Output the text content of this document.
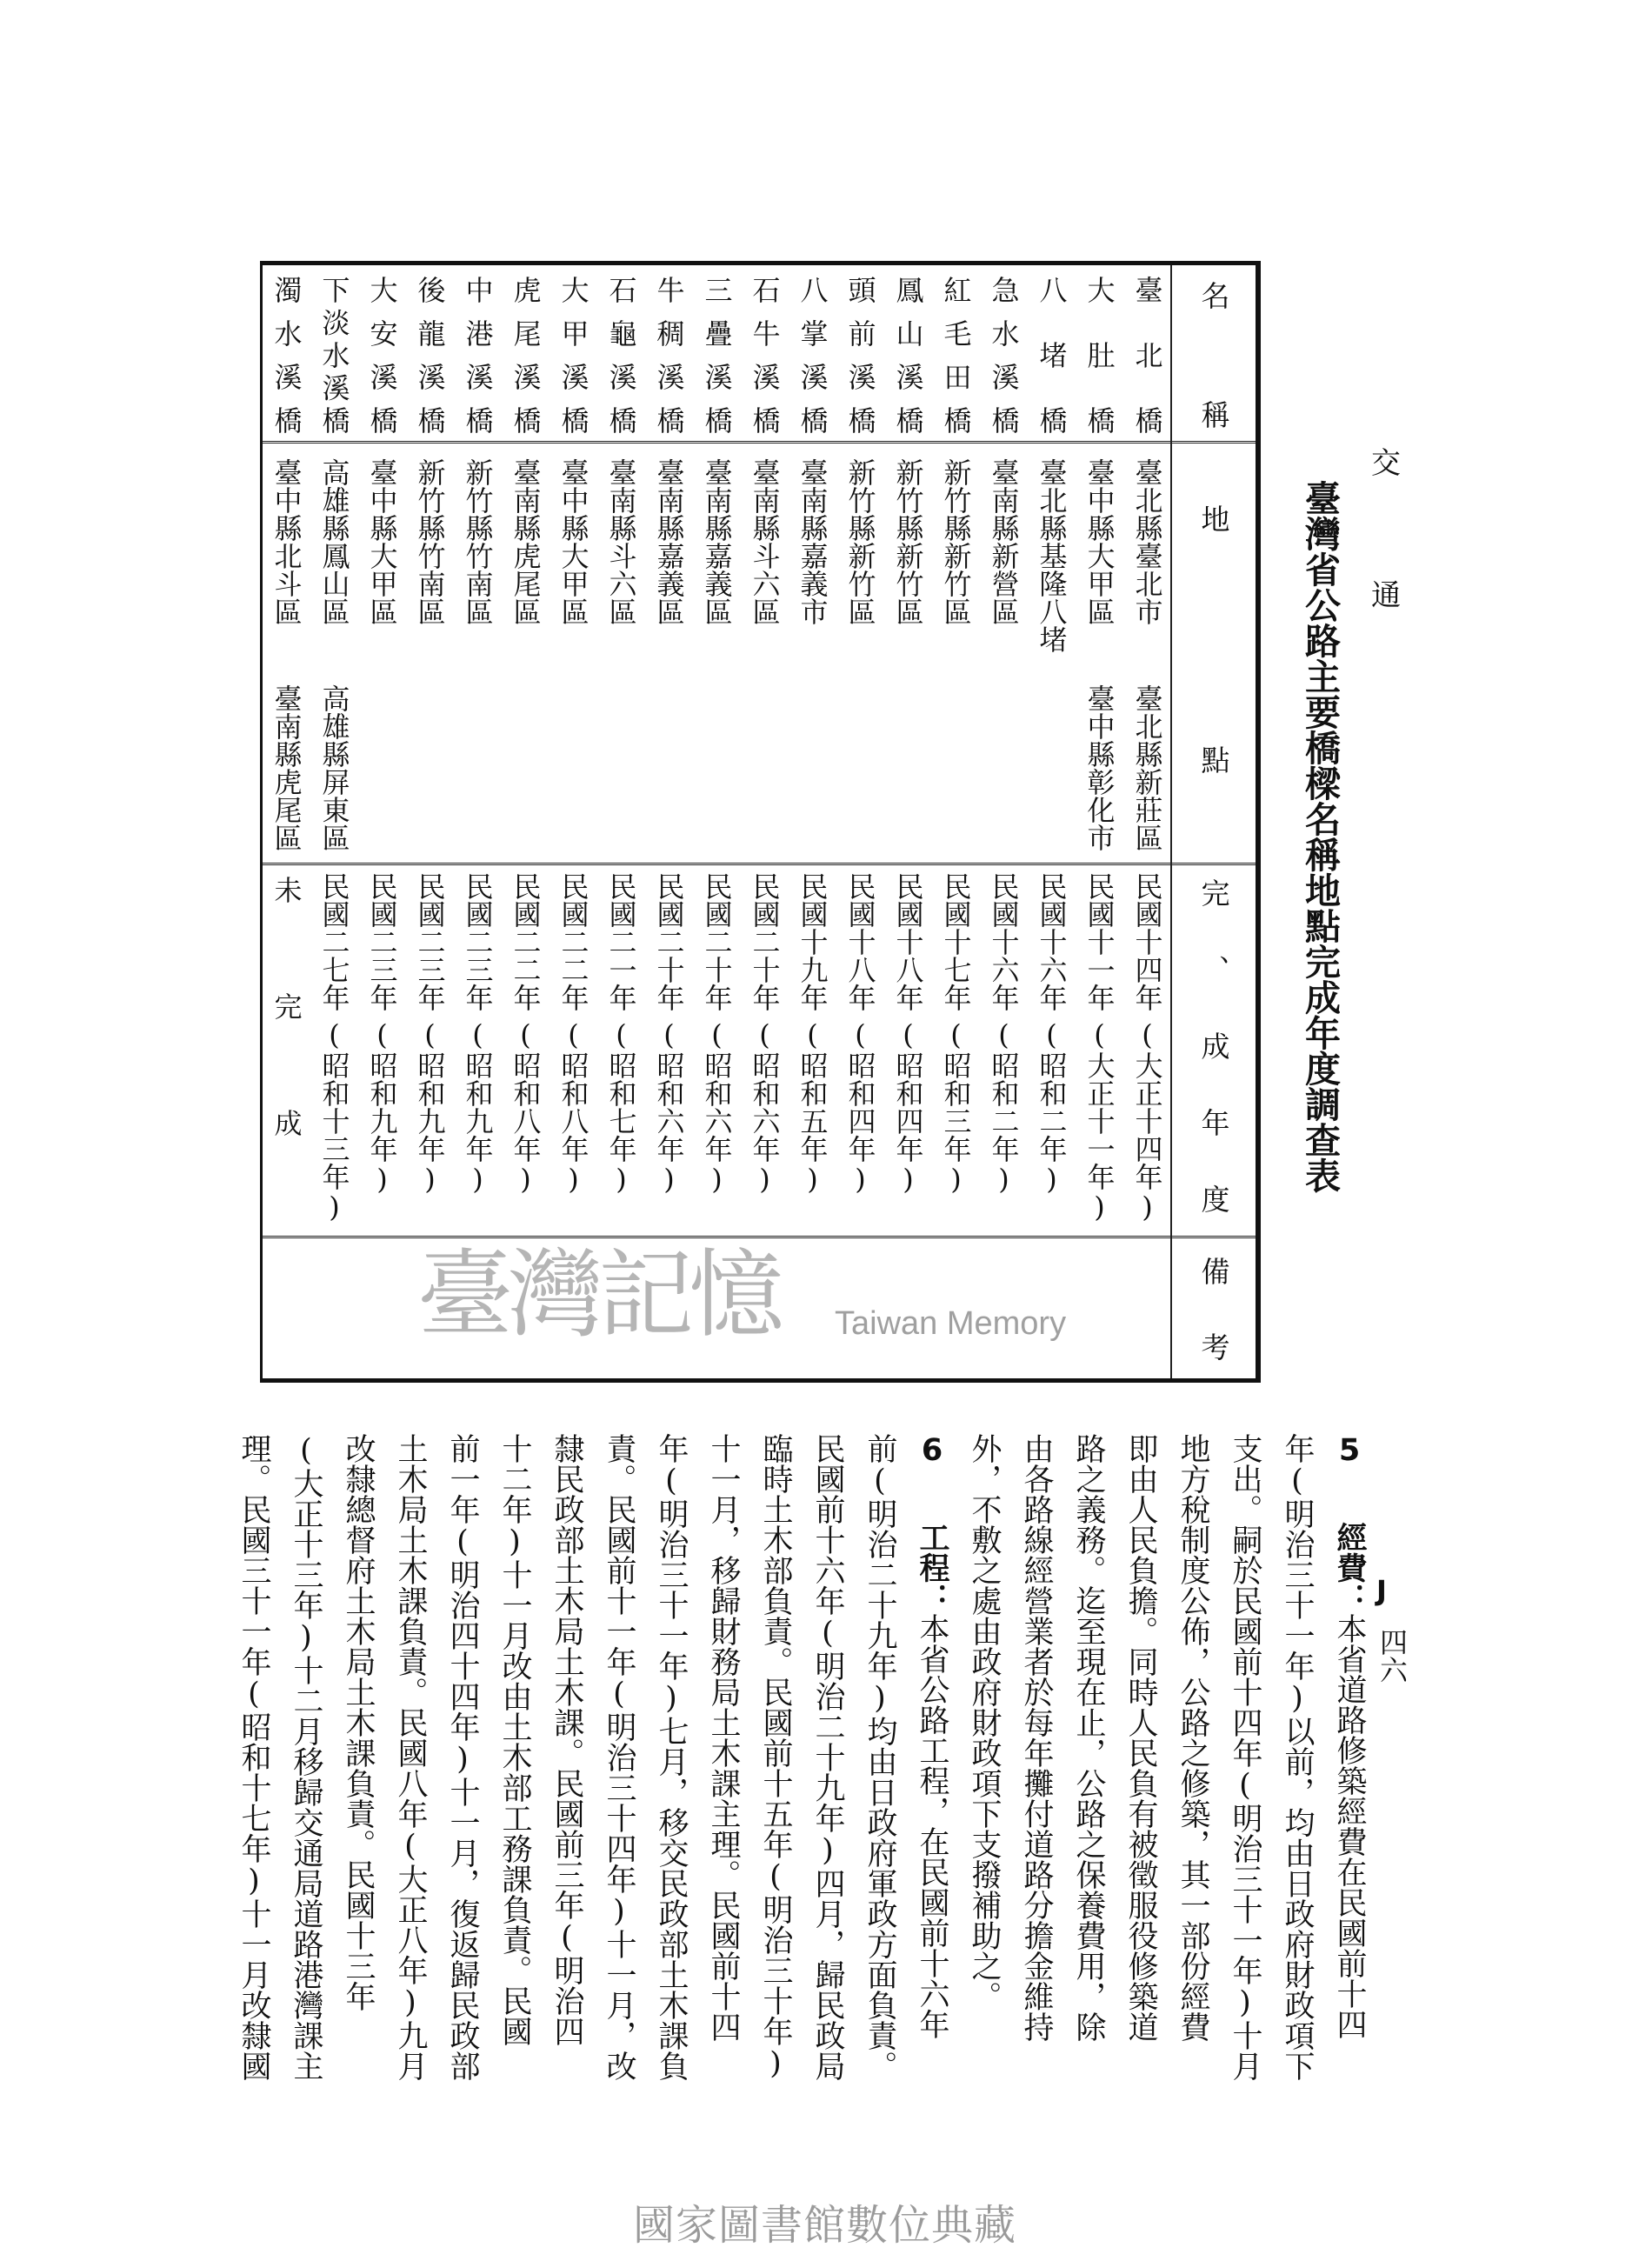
交
通
J
四六
臺灣省公路主要橋樑名稱地點完成年度調查表
名稱
地點
完、成年度
備考
臺北橋
臺北縣臺北市
臺北縣新莊區
民國十四年
(大正十四年)
大肚橋
臺中縣大甲區
臺中縣彰化市
民國十一年
(大正十一年)
八堵橋
臺北縣基隆八堵
民國十六年
(昭和二年)
急水溪橋
臺南縣新營區
民國十六年
(昭和二年)
紅毛田橋
新竹縣新竹區
民國十七年
(昭和三年)
鳳山溪橋
新竹縣新竹區
民國十八年
(昭和四年)
頭前溪橋
新竹縣新竹區
民國十八年
(昭和四年)
八掌溪橋
臺南縣嘉義市
民國十九年
(昭和五年)
石牛溪橋
臺南縣斗六區
民國二十年
(昭和六年)
三疊溪橋
臺南縣嘉義區
民國二十年
(昭和六年)
牛稠溪橋
臺南縣嘉義區
民國二十年
(昭和六年)
石龜溪橋
臺南縣斗六區
民國二一年
(昭和七年)
大甲溪橋
臺中縣大甲區
民國二二年
(昭和八年)
虎尾溪橋
臺南縣虎尾區
民國二二年
(昭和八年)
中港溪橋
新竹縣竹南區
民國二三年
(昭和九年)
後龍溪橋
新竹縣竹南區
民國二三年
(昭和九年)
大安溪橋
臺中縣大甲區
民國二三年
(昭和九年)
下淡水溪橋
高雄縣鳳山區
高雄縣屏東區
民國二七年
(昭和十三年)
濁水溪橋
臺中縣北斗區
臺南縣虎尾區
未完成
5 經費：本省道路修築經費在民國前十四
年(明治三十一年)以前，均由日政府財政項下
支出。嗣於民國前十四年(明治三十一年)十月
地方稅制度公佈，公路之修築，其一部份經費
即由人民負擔。同時人民負有被徵服役修築道
路之義務。迄至現在止，公路之保養費用，除
由各路線經營業者於每年攤付道路分擔金維持
外，不敷之處由政府財政項下支撥補助之。
6 工程：本省公路工程，在民國前十六年
前(明治二十九年)均由日政府軍政方面負責。
民國前十六年(明治二十九年)四月，歸民政局
臨時土木部負責。民國前十五年(明治三十年)
十一月，移歸財務局土木課主理。民國前十四
年(明治三十一年)七月，移交民政部土木課負
責。民國前十一年(明治三十四年)十一月，改
隸民政部土木局土木課。民國前三年(明治四
十二年)十一月改由土木部工務課負責。民國
前一年(明治四十四年)十一月，復返歸民政部
土木局土木課負責。民國八年(大正八年)九月
改隸總督府土木局土木課負責。民國十三年
(大正十三年)十二月移歸交通局道路港灣課主
理。民國三十一年(昭和十七年)十一月改隸國
臺灣記憶 Taiwan Memory
國家圖書館數位典藏
